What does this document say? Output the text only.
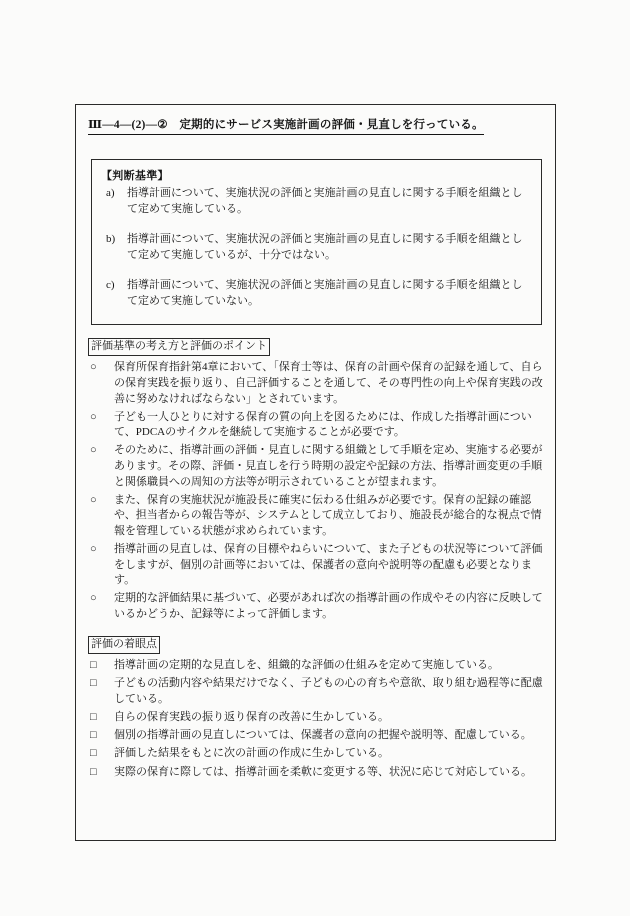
Ⅲ―4―(2)―②　定期的にサービス実施計画の評価・見直しを行っている。
【判断基準】
a)	指導計画について、実施状況の評価と実施計画の見直しに関する手順を組織として定めて実施している。
b)	指導計画について、実施状況の評価と実施計画の見直しに関する手順を組織として定めて実施しているが、十分ではない。
c)	指導計画について、実施状況の評価と実施計画の見直しに関する手順を組織として定めて実施していない。
評価基準の考え方と評価のポイント
○	保育所保育指針第4章において、「保育士等は、保育の計画や保育の記録を通して、自らの保育実践を振り返り、自己評価することを通して、その専門性の向上や保育実践の改善に努めなければならない」とされています。
○	子ども一人ひとりに対する保育の質の向上を図るためには、作成した指導計画について、PDCAのサイクルを継続して実施することが必要です。
○	そのために、指導計画の評価・見直しに関する組織として手順を定め、実施する必要があります。その際、評価・見直しを行う時期の設定や記録の方法、指導計画変更の手順と関係職員への周知の方法等が明示されていることが望まれます。
○	また、保育の実施状況が施設長に確実に伝わる仕組みが必要です。保育の記録の確認や、担当者からの報告等が、システムとして成立しており、施設長が総合的な視点で情報を管理している状態が求められています。
○	指導計画の見直しは、保育の目標やねらいについて、また子どもの状況等について評価をしますが、個別の計画等においては、保護者の意向や説明等の配慮も必要となります。
○	定期的な評価結果に基づいて、必要があれば次の指導計画の作成やその内容に反映しているかどうか、記録等によって評価します。
評価の着眼点
□	指導計画の定期的な見直しを、組織的な評価の仕組みを定めて実施している。
□	子どもの活動内容や結果だけでなく、子どもの心の育ちや意欲、取り組む過程等に配慮している。
□	自らの保育実践の振り返り保育の改善に生かしている。
□	個別の指導計画の見直しについては、保護者の意向の把握や説明等、配慮している。
□	評価した結果をもとに次の計画の作成に生かしている。
□	実際の保育に際しては、指導計画を柔軟に変更する等、状況に応じて対応している。
